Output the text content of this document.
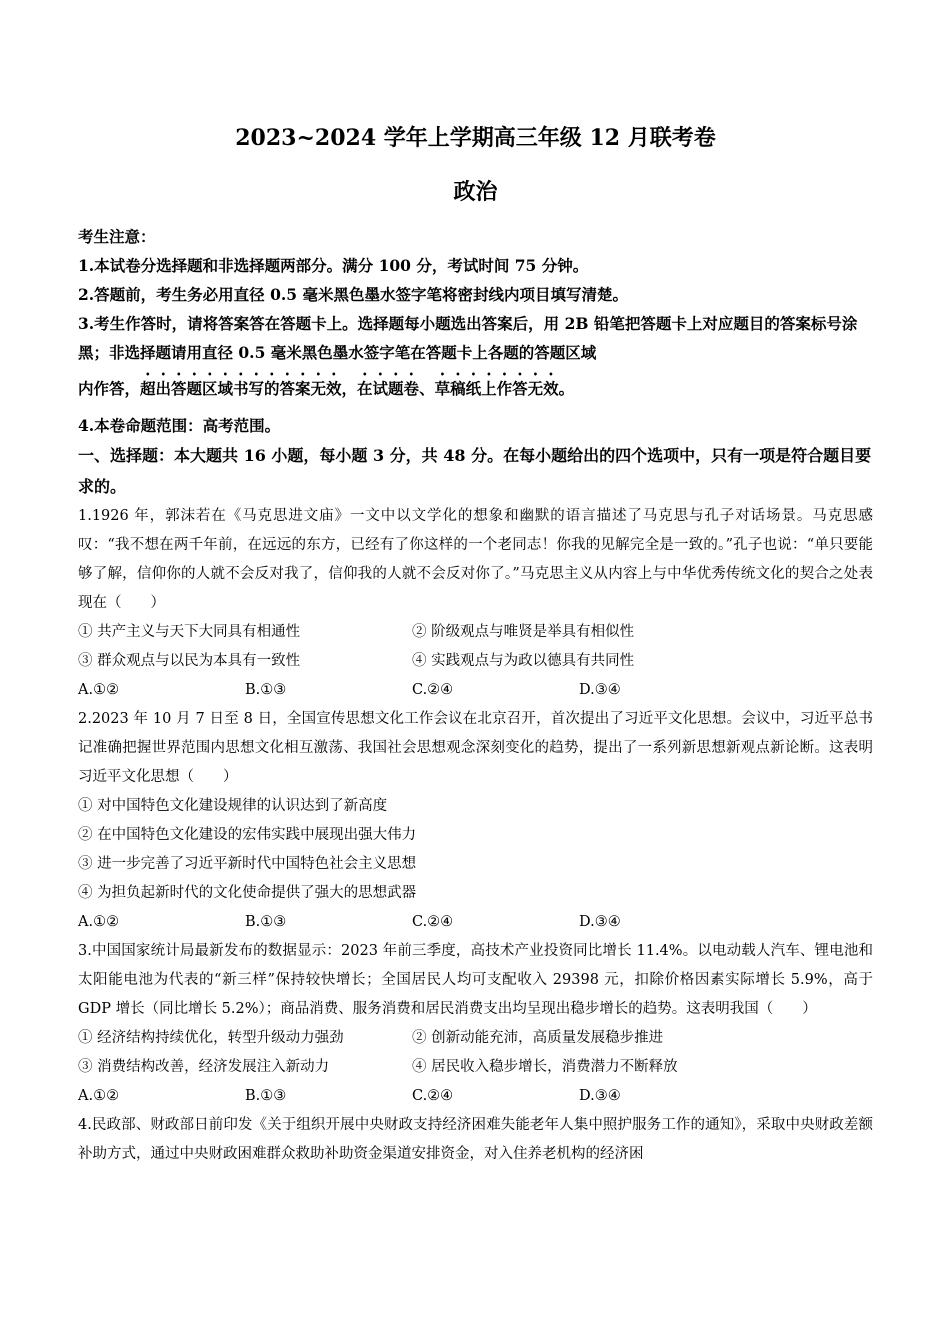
2023~2024 学年上学期高三年级 12 月联考卷
政治

考生注意：

1.本试卷分选择题和非选择题两部分。满分 100 分，考试时间 75 分钟。

2.答题前，考生务必用直径 0.5 毫米黑色墨水签字笔将密封线内项目填写清楚。

3.考生作答时，请将答案答在答题卡上。选择题每小题选出答案后，用 2B 铅笔把答题卡上对应题目的答案标号涂黑；非选择题请用直径 0.5 毫米黑色墨水签字笔在答题卡上各题的答题区域

内作答，超出答题区域书写的答案无效，在试题卷、草稿纸上作答无效。

4.本卷命题范围：高考范围。

一、选择题：本大题共 16 小题，每小题 3 分，共 48 分。在每小题给出的四个选项中，只有一项是符合题目要求的。

1.1926 年，郭沫若在《马克思进文庙》一文中以文学化的想象和幽默的语言描述了马克思与孔子对话场景。马克思感叹：“我不想在两千年前，在远远的东方，已经有了你这样的一个老同志！你我的见解完全是一致的。”孔子也说：“单只要能够了解，信仰你的人就不会反对我了，信仰我的人就不会反对你了。”马克思主义从内容上与中华优秀传统文化的契合之处表现在（　　）

① 共产主义与天下大同具有相通性	② 阶级观点与唯贤是举具有相似性
③ 群众观点与以民为本具有一致性	④ 实践观点与为政以德具有共同性
A.①②	B.①③	C.②④	D.③④

2.2023 年 10 月 7 日至 8 日，全国宣传思想文化工作会议在北京召开，首次提出了习近平文化思想。会议中，习近平总书记准确把握世界范围内思想文化相互激荡、我国社会思想观念深刻变化的趋势，提出了一系列新思想新观点新论断。这表明习近平文化思想（　　）

① 对中国特色文化建设规律的认识达到了新高度

② 在中国特色文化建设的宏伟实践中展现出强大伟力

③ 进一步完善了习近平新时代中国特色社会主义思想

④ 为担负起新时代的文化使命提供了强大的思想武器

A.①②	B.①③	C.②④	D.③④

3.中国国家统计局最新发布的数据显示：2023 年前三季度，高技术产业投资同比增长 11.4%。以电动载人汽车、锂电池和太阳能电池为代表的“新三样”保持较快增长；全国居民人均可支配收入 29398 元，扣除价格因素实际增长 5.9%，高于 GDP 增长（同比增长 5.2%）；商品消费、服务消费和居民消费支出均呈现出稳步增长的趋势。这表明我国（　　）

① 经济结构持续优化，转型升级动力强劲	② 创新动能充沛，高质量发展稳步推进
③ 消费结构改善，经济发展注入新动力	④ 居民收入稳步增长，消费潜力不断释放
A.①②	B.①③	C.②④	D.③④

4.民政部、财政部日前印发《关于组织开展中央财政支持经济困难失能老年人集中照护服务工作的通知》，采取中央财政差额补助方式，通过中央财政困难群众救助补助资金渠道安排资金，对入住养老机构的经济困
